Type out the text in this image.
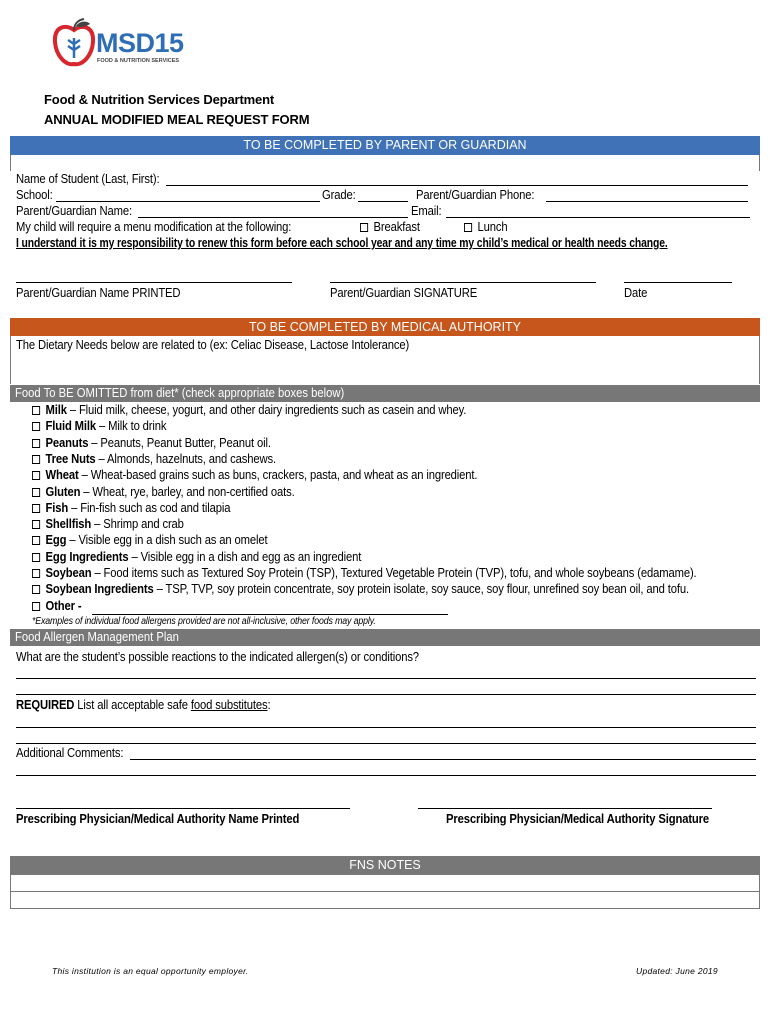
MSD15
FOOD & NUTRITION SERVICES
Food & Nutrition Services Department
ANNUAL MODIFIED MEAL REQUEST FORM
TO BE COMPLETED BY PARENT OR GUARDIAN
Name of Student (Last, First):
School:	Grade:	Parent/Guardian Phone:
Parent/Guardian Name:	Email:
My child will require a menu modification at the following:	Breakfast	Lunch
I understand it is my responsibility to renew this form before each school year and any time my child’s medical or health needs change.
Parent/Guardian Name PRINTED	Parent/Guardian SIGNATURE	Date
TO BE COMPLETED BY MEDICAL AUTHORITY
The Dietary Needs below are related to (ex: Celiac Disease, Lactose Intolerance)
Food To BE OMITTED from diet* (check appropriate boxes below)
Milk – Fluid milk, cheese, yogurt, and other dairy ingredients such as casein and whey.
Fluid Milk – Milk to drink
Peanuts – Peanuts, Peanut Butter, Peanut oil.
Tree Nuts – Almonds, hazelnuts, and cashews.
Wheat – Wheat-based grains such as buns, crackers, pasta, and wheat as an ingredient.
Gluten – Wheat, rye, barley, and non-certified oats.
Fish – Fin-fish such as cod and tilapia
Shellfish – Shrimp and crab
Egg – Visible egg in a dish such as an omelet
Egg Ingredients – Visible egg in a dish and egg as an ingredient
Soybean – Food items such as Textured Soy Protein (TSP), Textured Vegetable Protein (TVP), tofu, and whole soybeans (edamame).
Soybean Ingredients – TSP, TVP, soy protein concentrate, soy protein isolate, soy sauce, soy flour, unrefined soy bean oil, and tofu.
Other -
*Examples of individual food allergens provided are not all-inclusive, other foods may apply.
Food Allergen Management Plan
What are the student’s possible reactions to the indicated allergen(s) or conditions?
REQUIRED List all acceptable safe food substitutes:
Additional Comments:
Prescribing Physician/Medical Authority Name Printed	Prescribing Physician/Medical Authority Signature
FNS NOTES
This institution is an equal opportunity employer.	Updated: June 2019
